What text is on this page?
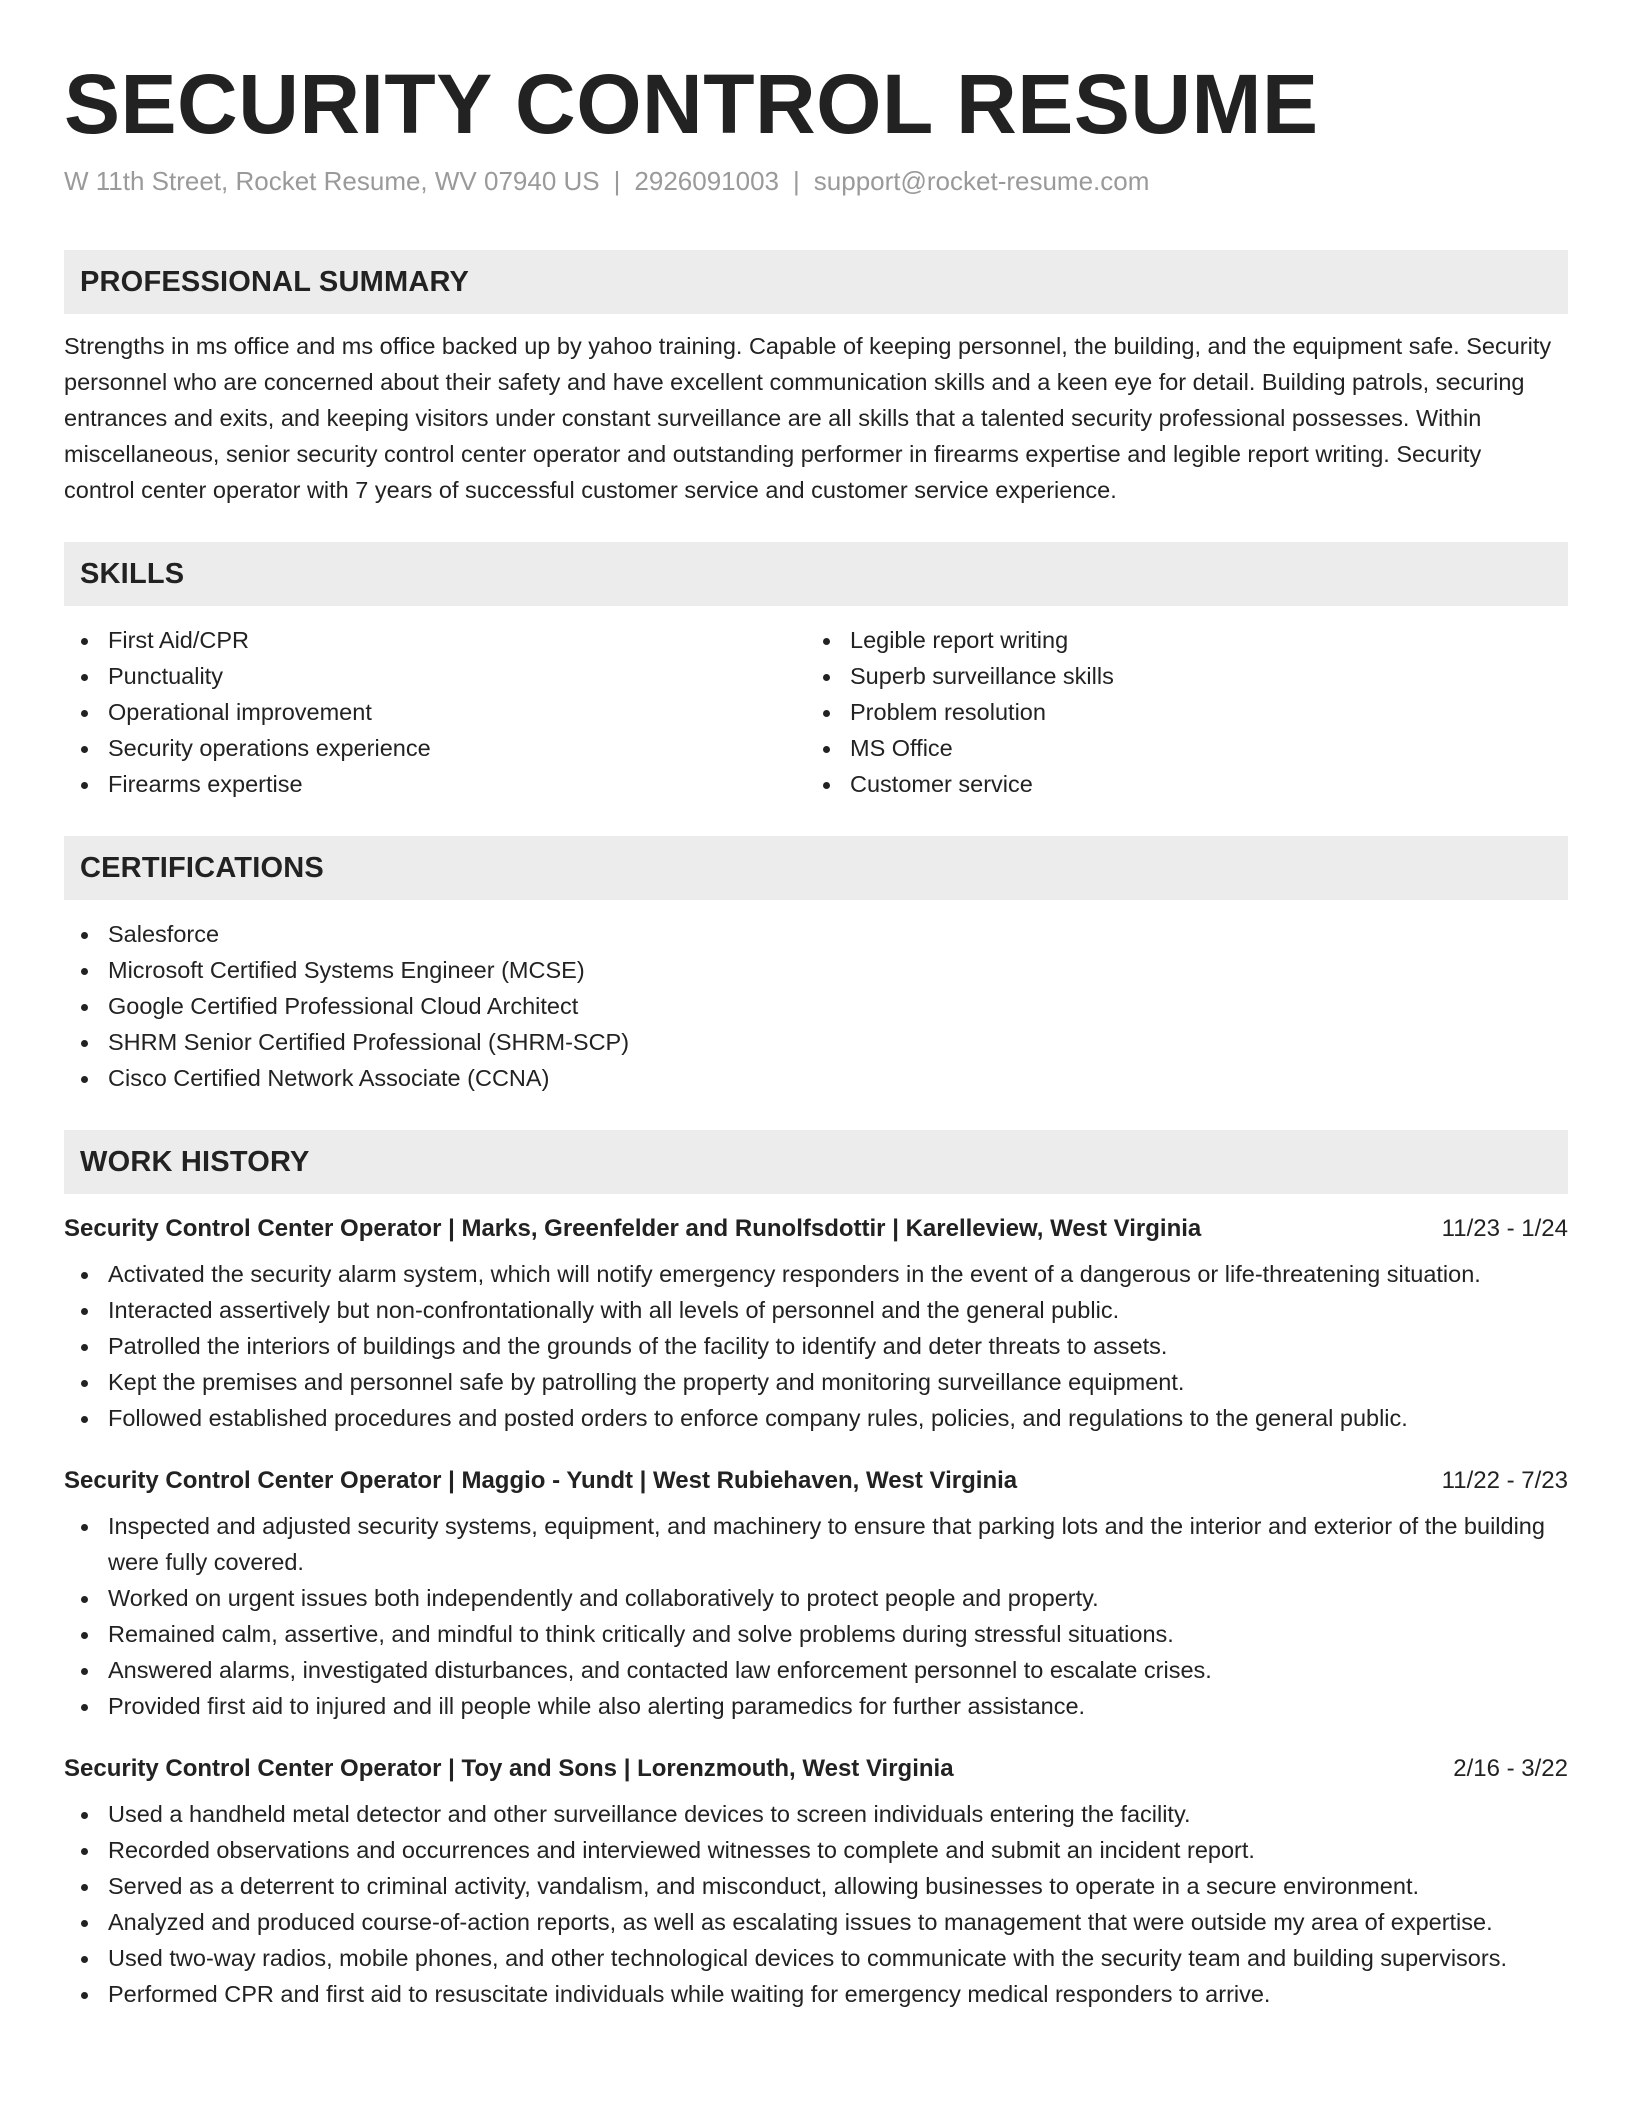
SECURITY CONTROL RESUME
W 11th Street, Rocket Resume, WV 07940 US | 2926091003 | support@rocket-resume.com
PROFESSIONAL SUMMARY
Strengths in ms office and ms office backed up by yahoo training. Capable of keeping personnel, the building, and the equipment safe. Security personnel who are concerned about their safety and have excellent communication skills and a keen eye for detail. Building patrols, securing entrances and exits, and keeping visitors under constant surveillance are all skills that a talented security professional possesses. Within miscellaneous, senior security control center operator and outstanding performer in firearms expertise and legible report writing. Security control center operator with 7 years of successful customer service and customer service experience.
SKILLS
First Aid/CPR
Punctuality
Operational improvement
Security operations experience
Firearms expertise
Legible report writing
Superb surveillance skills
Problem resolution
MS Office
Customer service
CERTIFICATIONS
Salesforce
Microsoft Certified Systems Engineer (MCSE)
Google Certified Professional Cloud Architect
SHRM Senior Certified Professional (SHRM-SCP)
Cisco Certified Network Associate (CCNA)
WORK HISTORY
Security Control Center Operator | Marks, Greenfelder and Runolfsdottir | Karelleview, West Virginia	11/23 - 1/24
Activated the security alarm system, which will notify emergency responders in the event of a dangerous or life-threatening situation.
Interacted assertively but non-confrontationally with all levels of personnel and the general public.
Patrolled the interiors of buildings and the grounds of the facility to identify and deter threats to assets.
Kept the premises and personnel safe by patrolling the property and monitoring surveillance equipment.
Followed established procedures and posted orders to enforce company rules, policies, and regulations to the general public.
Security Control Center Operator | Maggio - Yundt | West Rubiehaven, West Virginia	11/22 - 7/23
Inspected and adjusted security systems, equipment, and machinery to ensure that parking lots and the interior and exterior of the building were fully covered.
Worked on urgent issues both independently and collaboratively to protect people and property.
Remained calm, assertive, and mindful to think critically and solve problems during stressful situations.
Answered alarms, investigated disturbances, and contacted law enforcement personnel to escalate crises.
Provided first aid to injured and ill people while also alerting paramedics for further assistance.
Security Control Center Operator | Toy and Sons | Lorenzmouth, West Virginia	2/16 - 3/22
Used a handheld metal detector and other surveillance devices to screen individuals entering the facility.
Recorded observations and occurrences and interviewed witnesses to complete and submit an incident report.
Served as a deterrent to criminal activity, vandalism, and misconduct, allowing businesses to operate in a secure environment.
Analyzed and produced course-of-action reports, as well as escalating issues to management that were outside my area of expertise.
Used two-way radios, mobile phones, and other technological devices to communicate with the security team and building supervisors.
Performed CPR and first aid to resuscitate individuals while waiting for emergency medical responders to arrive.
